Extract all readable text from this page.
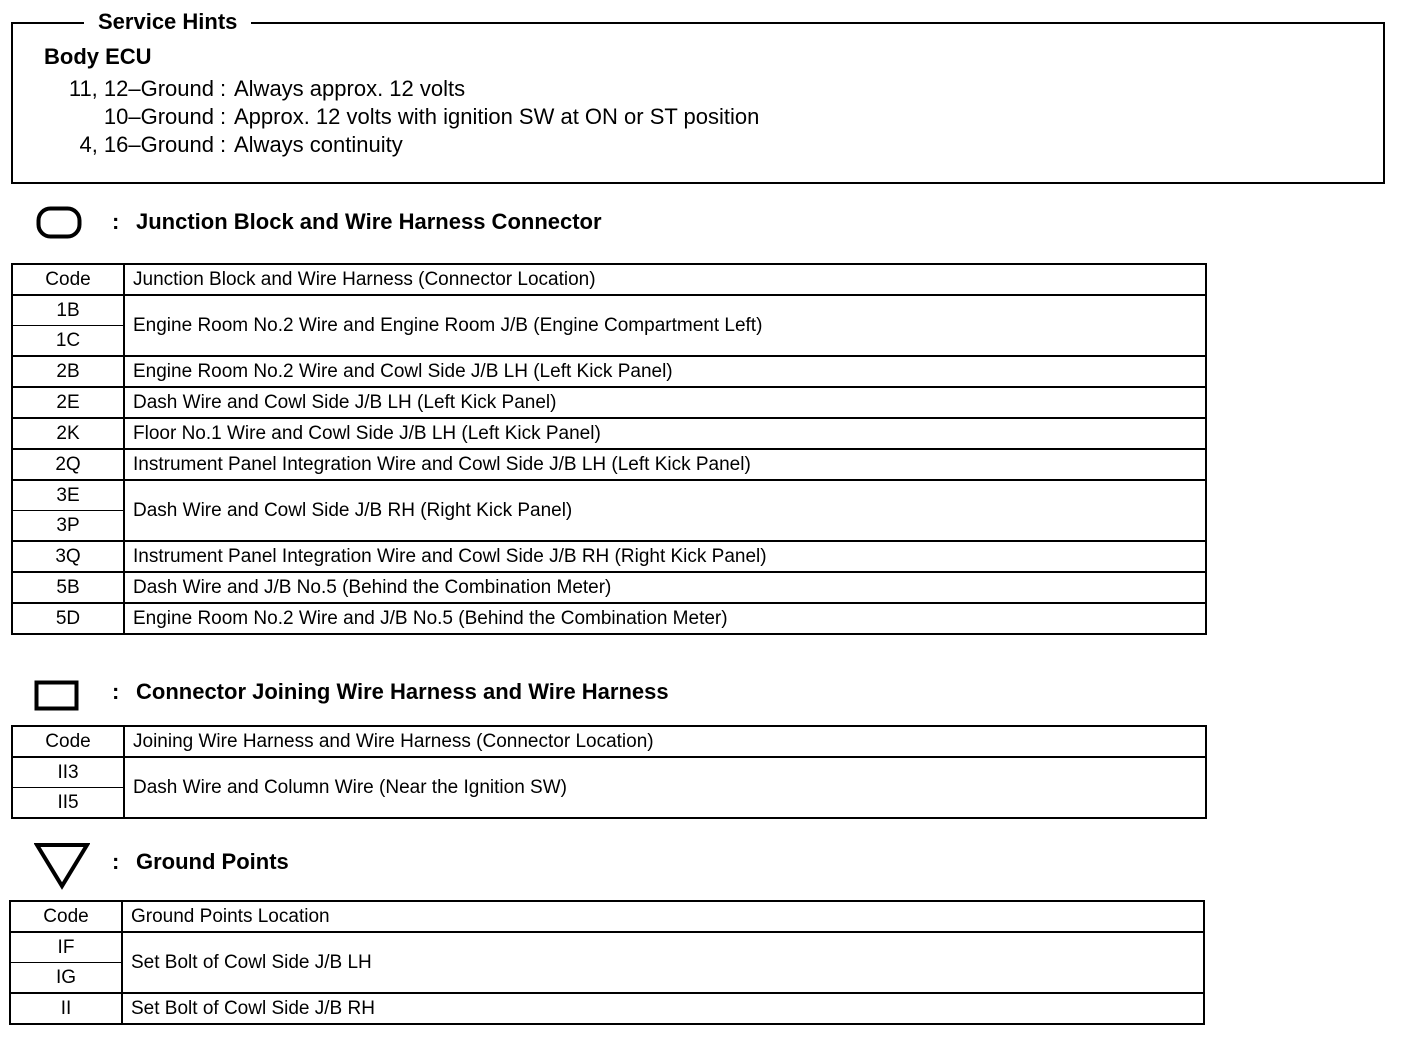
Service Hints
Body ECU
11, 12–Ground : Always approx. 12 volts
10–Ground : Approx. 12 volts with ignition SW at ON or ST position
4, 16–Ground : Always continuity
: Junction Block and Wire Harness Connector
Code	Junction Block and Wire Harness (Connector Location)
1B	Engine Room No.2 Wire and Engine Room J/B (Engine Compartment Left)
1C	
2B	Engine Room No.2 Wire and Cowl Side J/B LH (Left Kick Panel)
2E	Dash Wire and Cowl Side J/B LH (Left Kick Panel)
2K	Floor No.1 Wire and Cowl Side J/B LH (Left Kick Panel)
2Q	Instrument Panel Integration Wire and Cowl Side J/B LH (Left Kick Panel)
3E	Dash Wire and Cowl Side J/B RH (Right Kick Panel)
3P	
3Q	Instrument Panel Integration Wire and Cowl Side J/B RH (Right Kick Panel)
5B	Dash Wire and J/B No.5 (Behind the Combination Meter)
5D	Engine Room No.2 Wire and J/B No.5 (Behind the Combination Meter)
: Connector Joining Wire Harness and Wire Harness
Code	Joining Wire Harness and Wire Harness (Connector Location)
II3	Dash Wire and Column Wire (Near the Ignition SW)
II5	
: Ground Points
Code	Ground Points Location
IF	Set Bolt of Cowl Side J/B LH
IG	
II	Set Bolt of Cowl Side J/B RH
